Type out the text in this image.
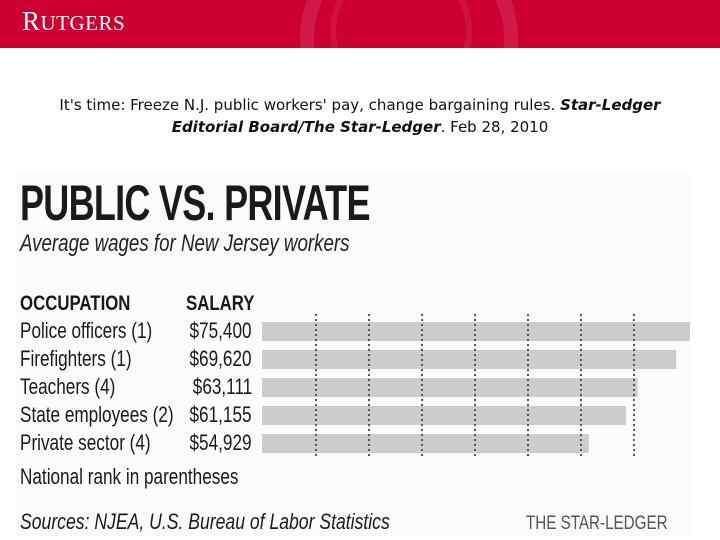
RUTGERS
It's time: Freeze N.J. public workers' pay, change bargaining rules. Star-Ledger Editorial Board/The Star-Ledger. Feb 28, 2010
PUBLIC VS. PRIVATE
Average wages for New Jersey workers
OCCUPATION	SALARY
Police officers (1) $75,400
Firefighters (1)	$69,620
Teachers (4)	$63,111
State employees (2) $61,155
Private sector (4) $54,929
National rank in parentheses
Sources: NJEA, U.S. Bureau of Labor Statistics	THE STAR-LEDGER
